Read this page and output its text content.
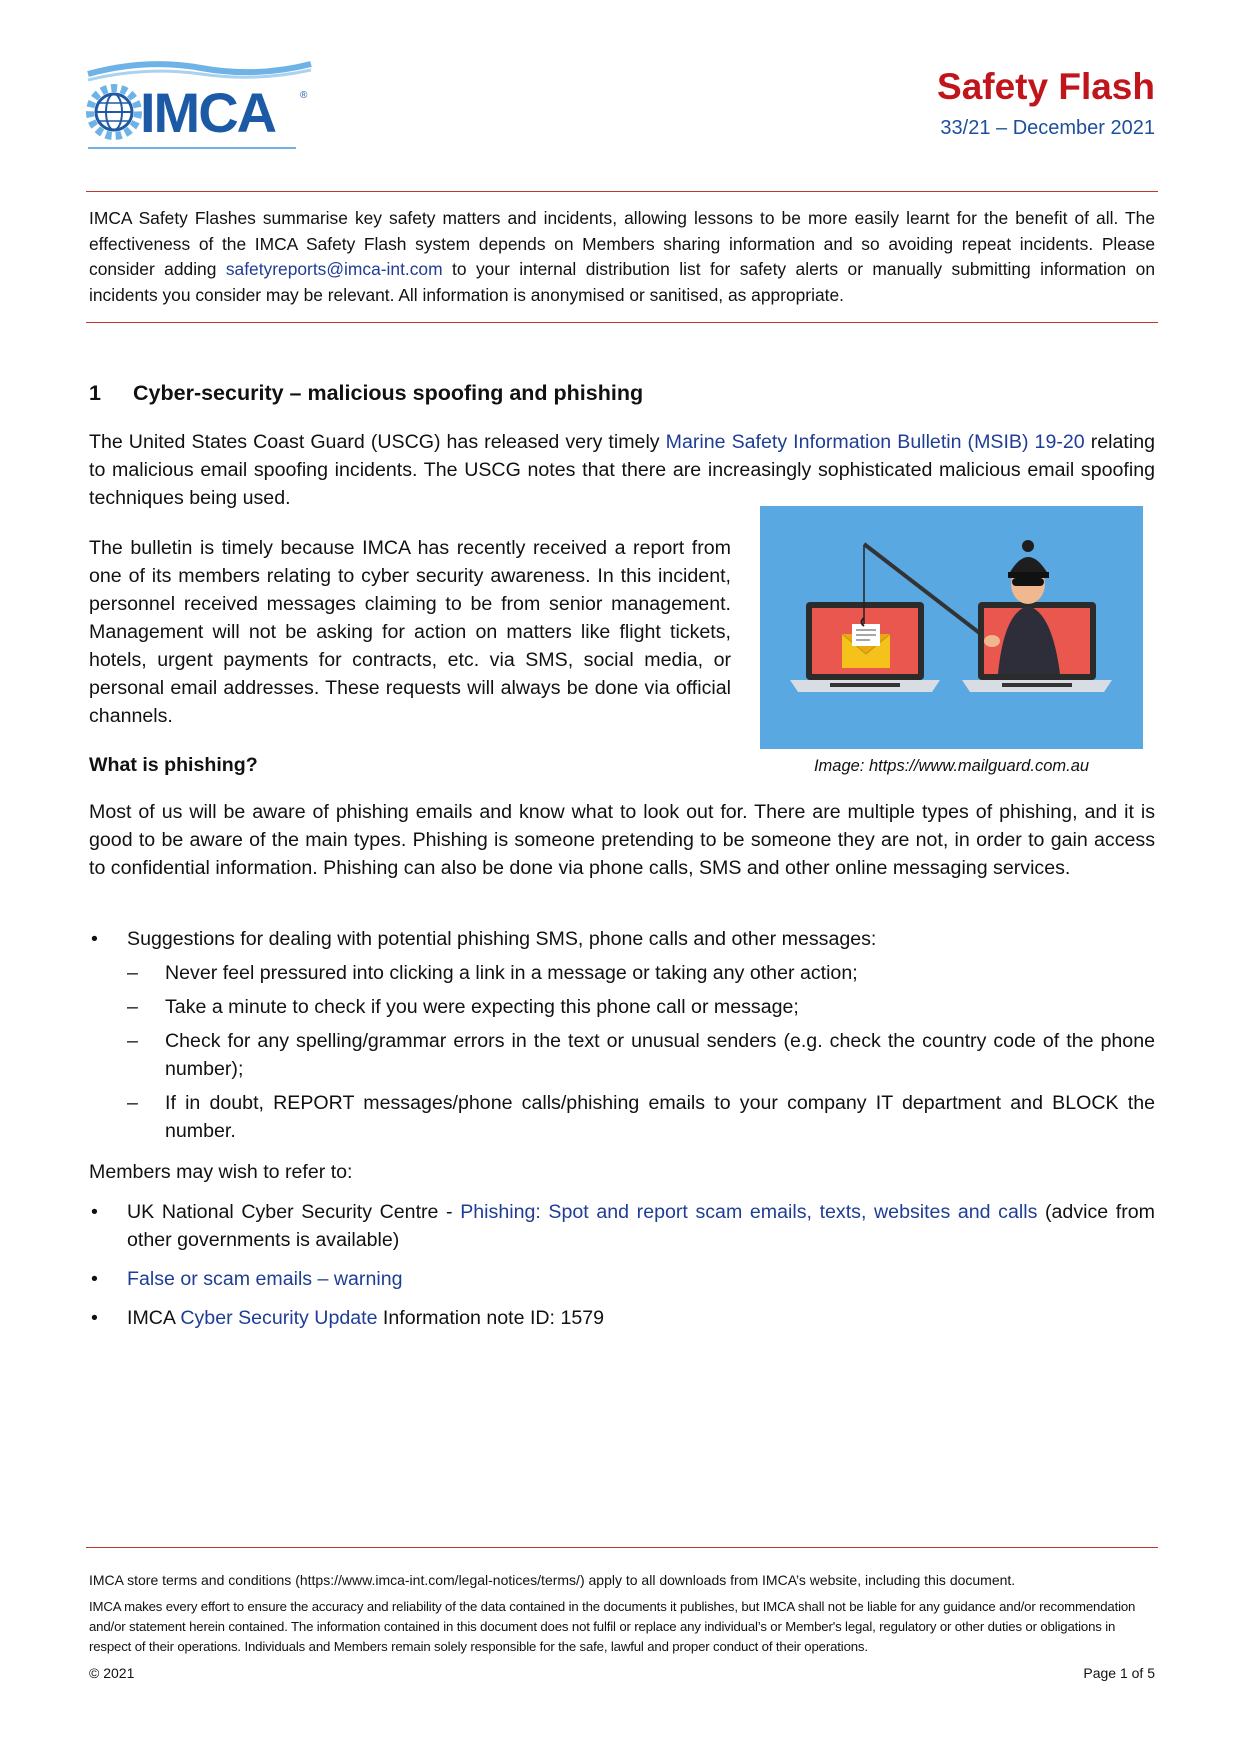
IMCA ®	Safety Flash
33/21 – December 2021
IMCA Safety Flashes summarise key safety matters and incidents, allowing lessons to be more easily learnt for the benefit of all. The effectiveness of the IMCA Safety Flash system depends on Members sharing information and so avoiding repeat incidents. Please consider adding safetyreports@imca-int.com to your internal distribution list for safety alerts or manually submitting information on incidents you consider may be relevant. All information is anonymised or sanitised, as appropriate.
1 Cyber-security – malicious spoofing and phishing
The United States Coast Guard (USCG) has released very timely Marine Safety Information Bulletin (MSIB) 19-20 relating to malicious email spoofing incidents. The USCG notes that there are increasingly sophisticated malicious email spoofing techniques being used.
The bulletin is timely because IMCA has recently received a report from one of its members relating to cyber security awareness. In this incident, personnel received messages claiming to be from senior management. Management will not be asking for action on matters like flight tickets, hotels, urgent payments for contracts, etc. via SMS, social media, or personal email addresses. These requests will always be done via official channels.
Image: https://www.mailguard.com.au
What is phishing?
Most of us will be aware of phishing emails and know what to look out for. There are multiple types of phishing, and it is good to be aware of the main types. Phishing is someone pretending to be someone they are not, in order to gain access to confidential information. Phishing can also be done via phone calls, SMS and other online messaging services.
• Suggestions for dealing with potential phishing SMS, phone calls and other messages:
– Never feel pressured into clicking a link in a message or taking any other action;
– Take a minute to check if you were expecting this phone call or message;
– Check for any spelling/grammar errors in the text or unusual senders (e.g. check the country code of the phone number);
– If in doubt, REPORT messages/phone calls/phishing emails to your company IT department and BLOCK the number.
Members may wish to refer to:
• UK National Cyber Security Centre - Phishing: Spot and report scam emails, texts, websites and calls (advice from other governments is available)
• False or scam emails – warning
• IMCA Cyber Security Update Information note ID: 1579
IMCA store terms and conditions (https://www.imca-int.com/legal-notices/terms/) apply to all downloads from IMCA’s website, including this document.
IMCA makes every effort to ensure the accuracy and reliability of the data contained in the documents it publishes, but IMCA shall not be liable for any guidance and/or recommendation and/or statement herein contained. The information contained in this document does not fulfil or replace any individual’s or Member's legal, regulatory or other duties or obligations in respect of their operations. Individuals and Members remain solely responsible for the safe, lawful and proper conduct of their operations.
© 2021	Page 1 of 5
